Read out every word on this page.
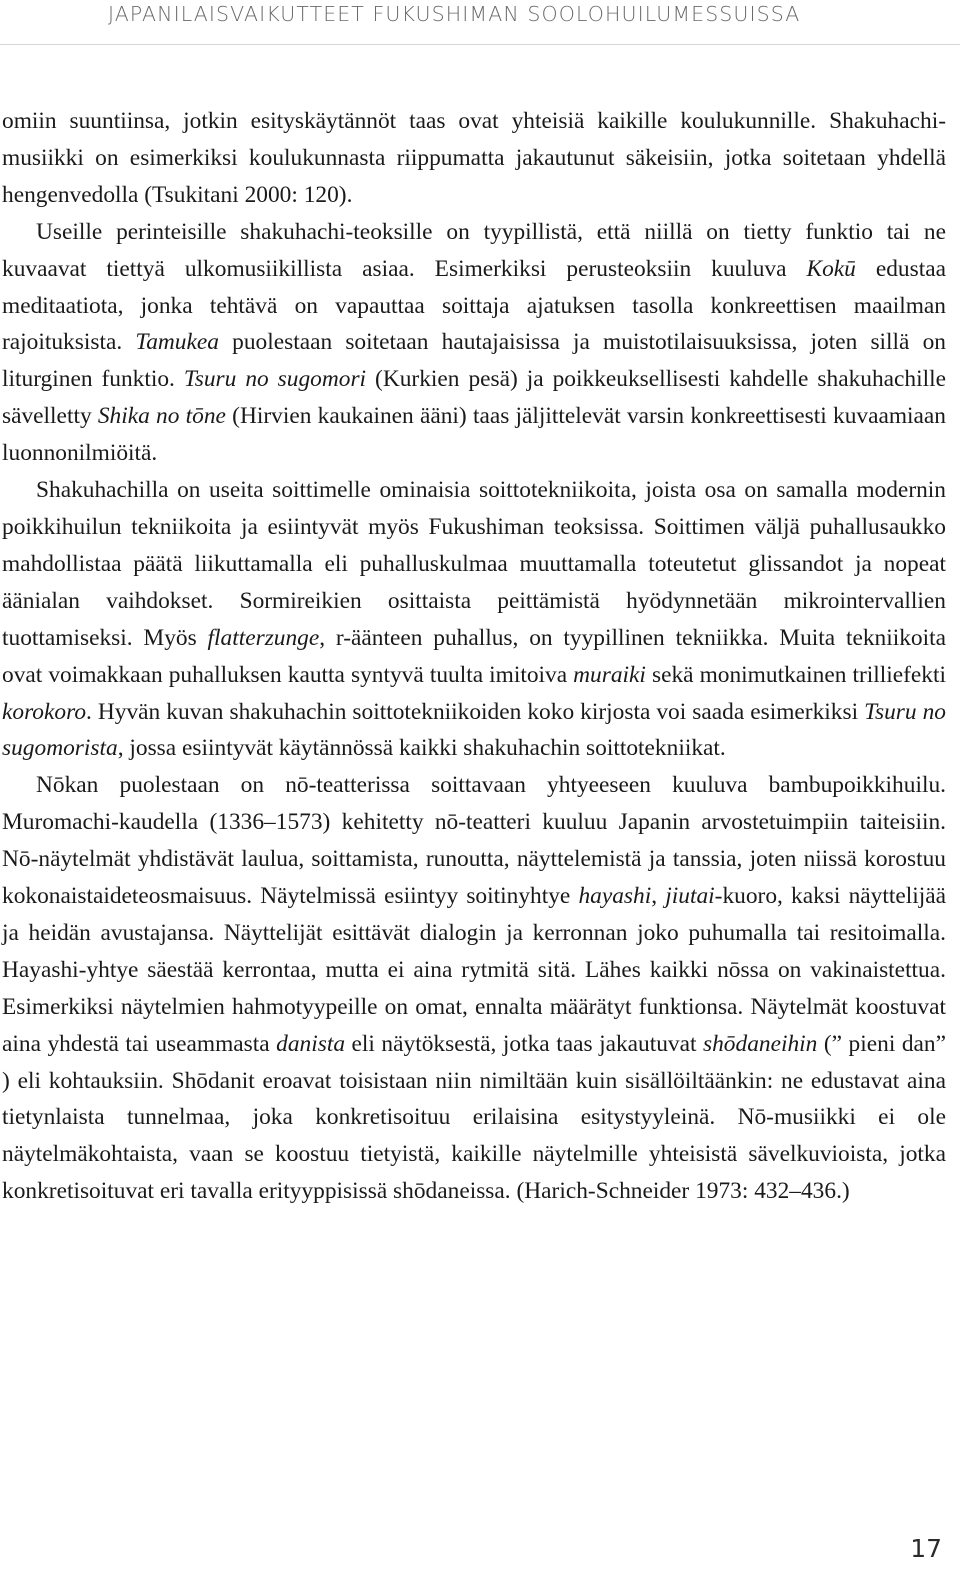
JAPANILAISVAIKUTTEET FUKUSHIMAN SOOLOHUILUMESSUISSA

omiin suuntiinsa, jotkin esityskäytännöt taas ovat yhteisiä kaikille koulukunnille. Shakuhachi-musiikki on esimerkiksi koulukunnasta riippumatta jakautunut säkeisiin, jotka soitetaan yhdellä hengenvedolla (Tsukitani 2000: 120).

Useille perinteisille shakuhachi-teoksille on tyypillistä, että niillä on tietty funktio tai ne kuvaavat tiettyä ulkomusiikillista asiaa. Esimerkiksi perusteoksiin kuuluva Kokū edustaa meditaatiota, jonka tehtävä on vapauttaa soittaja ajatuksen tasolla konkreettisen maailman rajoituksista. Tamukea puolestaan soitetaan hautajaisissa ja muistotilaisuuksissa, joten sillä on liturginen funktio. Tsuru no sugomori (Kurkien pesä) ja poikkeuksellisesti kahdelle shakuhachille sävelletty Shika no tōne (Hirvien kaukainen ääni) taas jäljittelevät varsin konkreettisesti kuvaamiaan luonnonilmiöitä.

Shakuhachilla on useita soittimelle ominaisia soittotekniikoita, joista osa on samalla modernin poikkihuilun tekniikoita ja esiintyvät myös Fukushiman teoksissa. Soittimen väljä puhallusaukko mahdollistaa päätä liikuttamalla eli puhalluskulmaa muuttamalla toteutetut glissandot ja nopeat äänialan vaihdokset. Sormireikien osittaista peittämistä hyödynnetään mikrointervallien tuottamiseksi. Myös flatterzunge, r-äänteen puhallus, on tyypillinen tekniikka. Muita tekniikoita ovat voimakkaan puhalluksen kautta syntyvä tuulta imitoiva muraiki sekä monimutkainen trilliefekti korokoro. Hyvän kuvan shakuhachin soittotekniikoiden koko kirjosta voi saada esimerkiksi Tsuru no sugomorista, jossa esiintyvät käytännössä kaikki shakuhachin soittotekniikat.

Nōkan puolestaan on nō-teatterissa soittavaan yhtyeeseen kuuluva bambupoikkihuilu. Muromachi-kaudella (1336–1573) kehitetty nō-teatteri kuuluu Japanin arvostetuimpiin taiteisiin. Nō-näytelmät yhdistävät laulua, soittamista, runoutta, näyttelemistä ja tanssia, joten niissä korostuu kokonaistaideteosmaisuus. Näytelmissä esiintyy soitinyhtye hayashi, jiutai-kuoro, kaksi näyttelijää ja heidän avustajansa. Näyttelijät esittävät dialogin ja kerronnan joko puhumalla tai resitoimalla. Hayashi-yhtye säestää kerrontaa, mutta ei aina rytmitä sitä. Lähes kaikki nōssa on vakinaistettua. Esimerkiksi näytelmien hahmotyypeille on omat, ennalta määrätyt funktionsa. Näytelmät koostuvat aina yhdestä tai useammasta danista eli näytöksestä, jotka taas jakautuvat shōdaneihin (” pieni dan” ) eli kohtauksiin. Shōdanit eroavat toisistaan niin nimiltään kuin sisällöiltäänkin: ne edustavat aina tietynlaista tunnelmaa, joka konkretisoituu erilaisina esitystyyleinä. Nō-musiikki ei ole näytelmäkohtaista, vaan se koostuu tietyistä, kaikille näytelmille yhteisistä sävelkuvioista, jotka konkretisoituvat eri tavalla erityyppisissä shōdaneissa. (Harich-Schneider 1973: 432–436.)

17
